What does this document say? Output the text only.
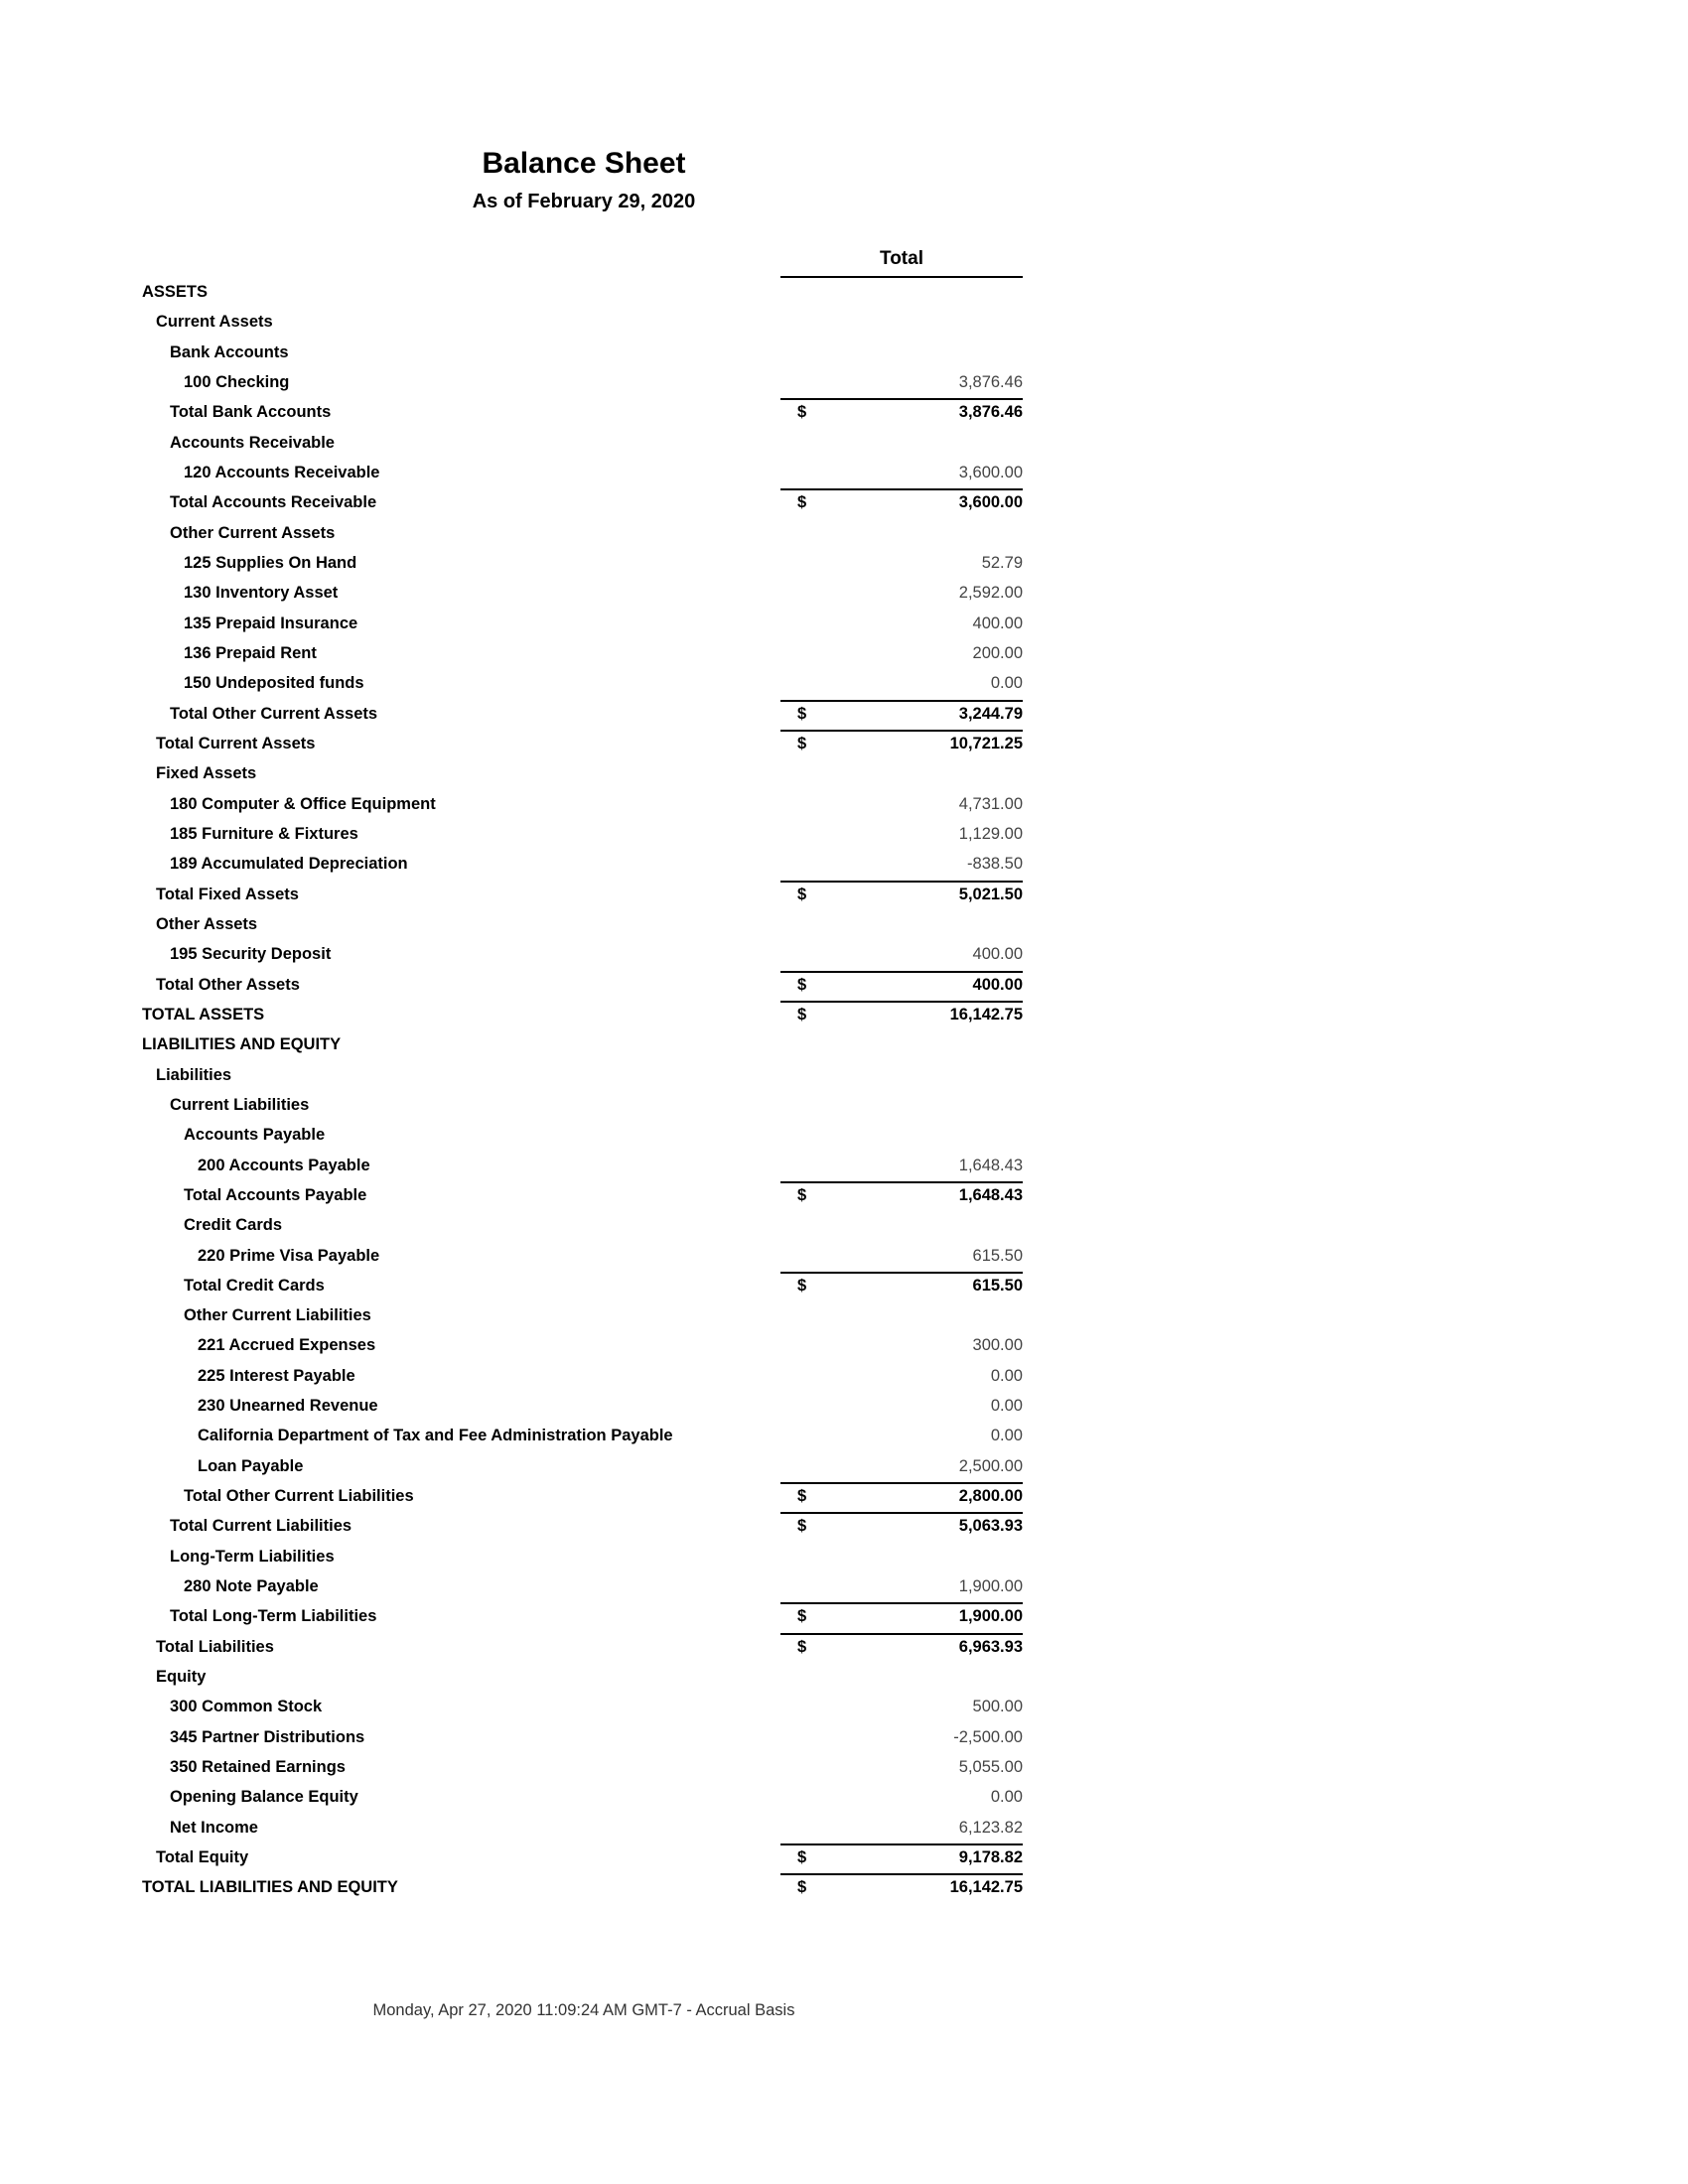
Balance Sheet
As of February 29, 2020
Total
ASSETS
Current Assets
Bank Accounts
100 Checking	3,876.46
Total Bank Accounts	$	3,876.46
Accounts Receivable
120 Accounts Receivable	3,600.00
Total Accounts Receivable	$	3,600.00
Other Current Assets
125 Supplies On Hand	52.79
130 Inventory Asset	2,592.00
135 Prepaid Insurance	400.00
136 Prepaid Rent	200.00
150 Undeposited funds	0.00
Total Other Current Assets	$	3,244.79
Total Current Assets	$	10,721.25
Fixed Assets
180 Computer & Office Equipment	4,731.00
185 Furniture & Fixtures	1,129.00
189 Accumulated Depreciation	-838.50
Total Fixed Assets	$	5,021.50
Other Assets
195 Security Deposit	400.00
Total Other Assets	$	400.00
TOTAL ASSETS	$	16,142.75
LIABILITIES AND EQUITY
Liabilities
Current Liabilities
Accounts Payable
200 Accounts Payable	1,648.43
Total Accounts Payable	$	1,648.43
Credit Cards
220 Prime Visa Payable	615.50
Total Credit Cards	$	615.50
Other Current Liabilities
221 Accrued Expenses	300.00
225 Interest Payable	0.00
230 Unearned Revenue	0.00
California Department of Tax and Fee Administration Payable	0.00
Loan Payable	2,500.00
Total Other Current Liabilities	$	2,800.00
Total Current Liabilities	$	5,063.93
Long-Term Liabilities
280 Note Payable	1,900.00
Total Long-Term Liabilities	$	1,900.00
Total Liabilities	$	6,963.93
Equity
300 Common Stock	500.00
345 Partner Distributions	-2,500.00
350 Retained Earnings	5,055.00
Opening Balance Equity	0.00
Net Income	6,123.82
Total Equity	$	9,178.82
TOTAL LIABILITIES AND EQUITY	$	16,142.75
Monday, Apr 27, 2020 11:09:24 AM GMT-7 - Accrual Basis
